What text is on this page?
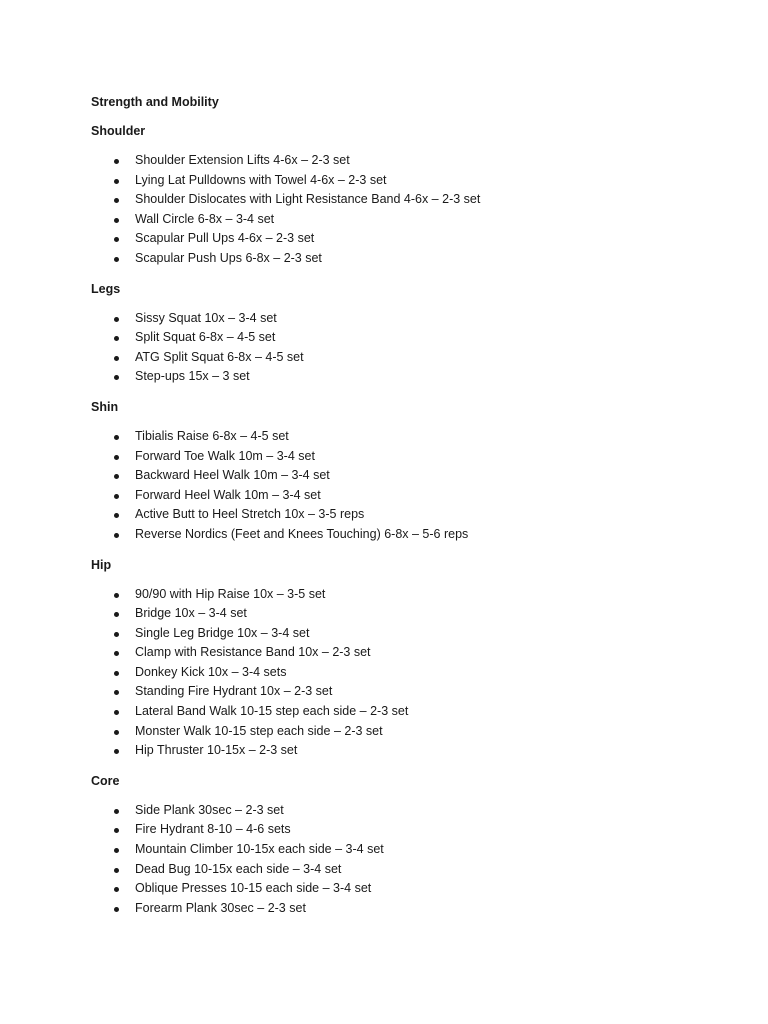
Strength and Mobility
Shoulder
Shoulder Extension Lifts 4-6x – 2-3 set
Lying Lat Pulldowns with Towel 4-6x – 2-3 set
Shoulder Dislocates with Light Resistance Band 4-6x – 2-3 set
Wall Circle 6-8x – 3-4 set
Scapular Pull Ups 4-6x – 2-3 set
Scapular Push Ups 6-8x – 2-3 set
Legs
Sissy Squat 10x – 3-4 set
Split Squat 6-8x – 4-5 set
ATG Split Squat 6-8x – 4-5 set
Step-ups 15x – 3 set
Shin
Tibialis Raise 6-8x – 4-5 set
Forward Toe Walk 10m – 3-4 set
Backward Heel Walk 10m – 3-4 set
Forward Heel Walk 10m – 3-4 set
Active Butt to Heel Stretch 10x – 3-5 reps
Reverse Nordics (Feet and Knees Touching) 6-8x – 5-6 reps
Hip
90/90 with Hip Raise 10x – 3-5 set
Bridge 10x – 3-4 set
Single Leg Bridge 10x – 3-4 set
Clamp with Resistance Band 10x – 2-3 set
Donkey Kick 10x – 3-4 sets
Standing Fire Hydrant 10x – 2-3 set
Lateral Band Walk 10-15 step each side – 2-3 set
Monster Walk 10-15 step each side – 2-3 set
Hip Thruster 10-15x – 2-3 set
Core
Side Plank 30sec – 2-3 set
Fire Hydrant 8-10 – 4-6 sets
Mountain Climber 10-15x each side – 3-4 set
Dead Bug 10-15x each side – 3-4 set
Oblique Presses 10-15 each side – 3-4 set
Forearm Plank 30sec – 2-3 set
